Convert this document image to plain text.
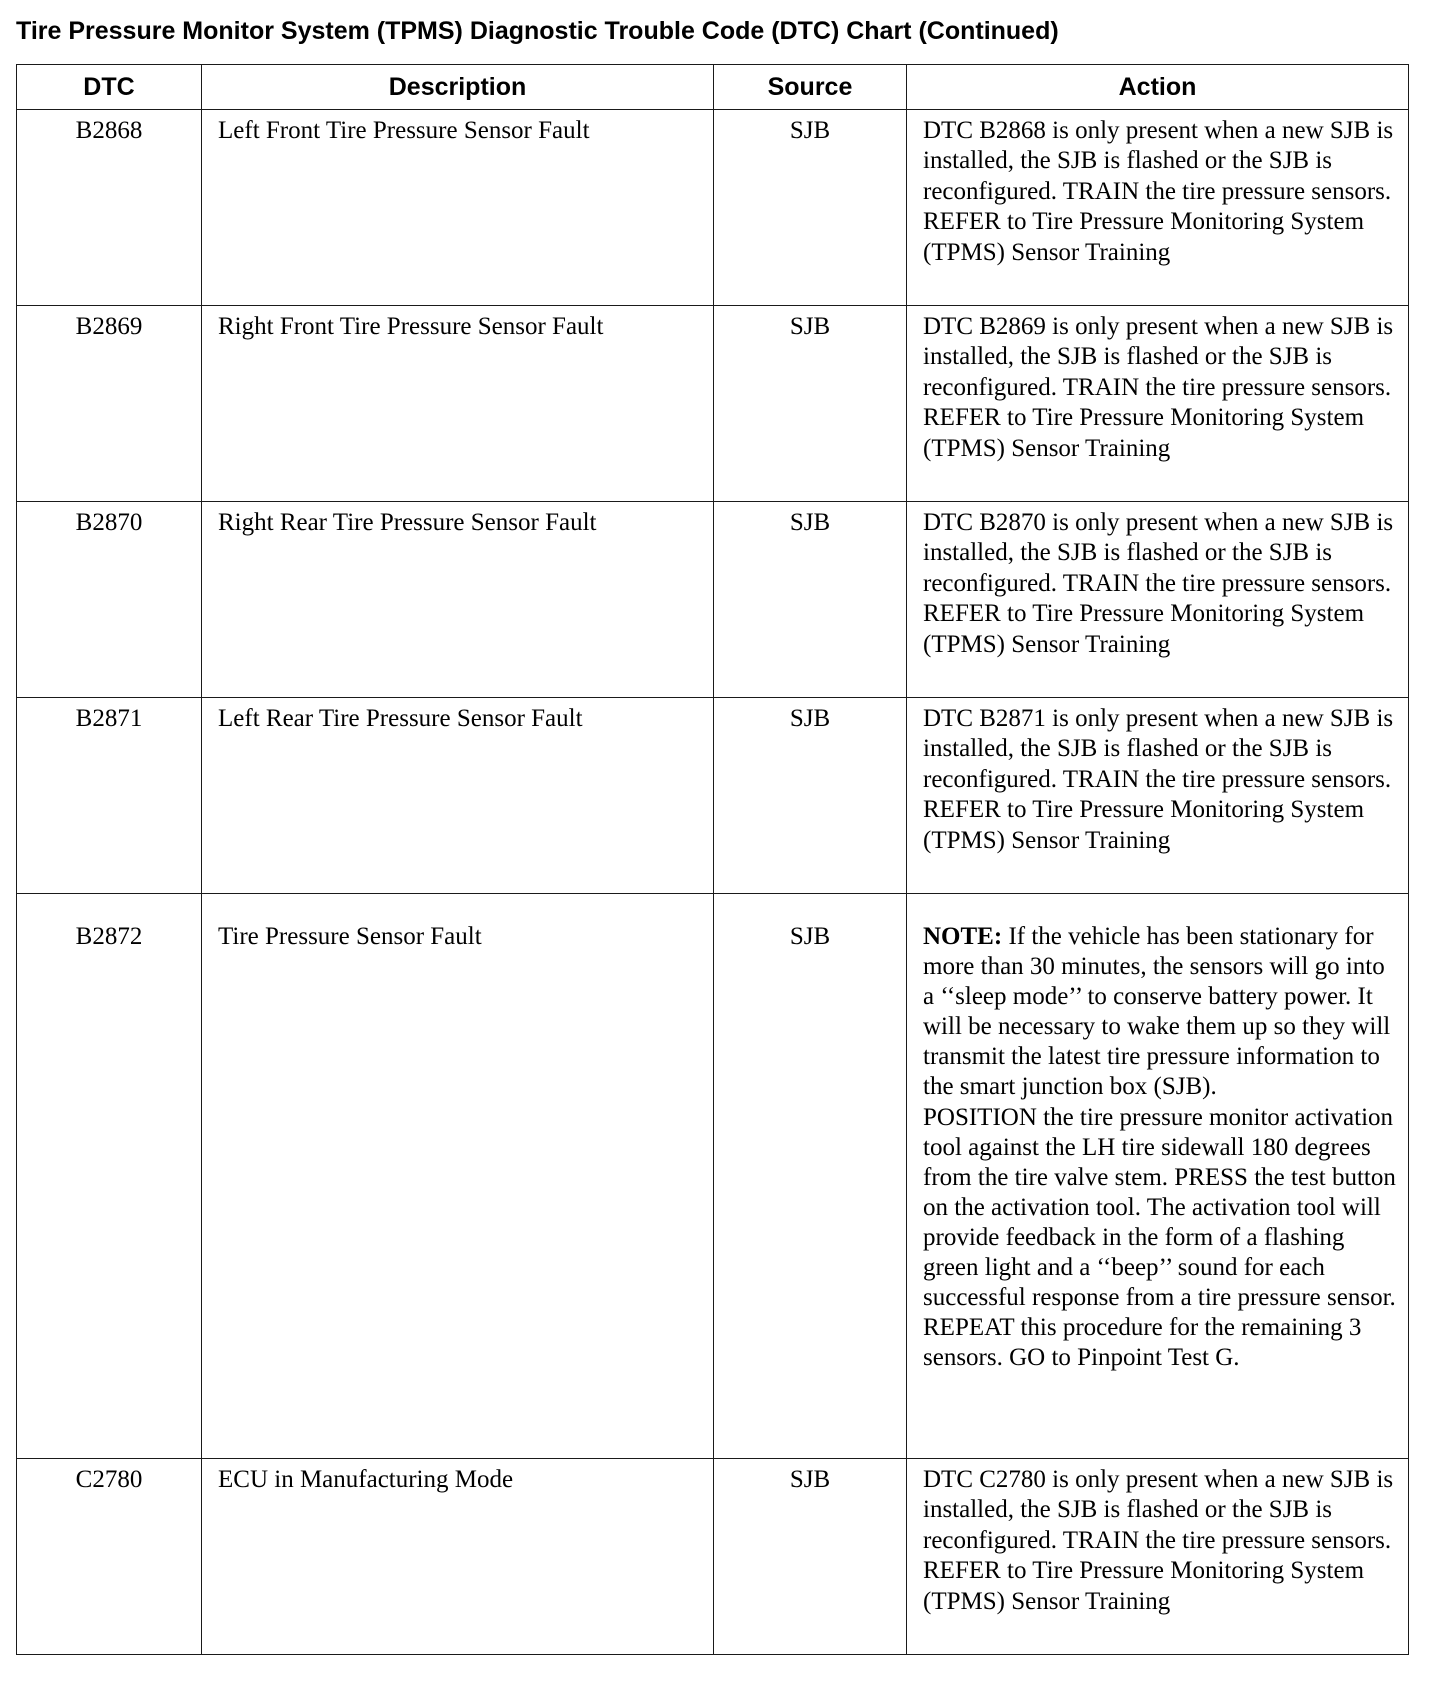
Tire Pressure Monitor System (TPMS) Diagnostic Trouble Code (DTC) Chart (Continued)
DTC	Description	Source	Action
B2868	Left Front Tire Pressure Sensor Fault	SJB	DTC B2868 is only present when a new SJB is installed, the SJB is flashed or the SJB is reconfigured. TRAIN the tire pressure sensors. REFER to Tire Pressure Monitoring System (TPMS) Sensor Training
B2869	Right Front Tire Pressure Sensor Fault	SJB	DTC B2869 is only present when a new SJB is installed, the SJB is flashed or the SJB is reconfigured. TRAIN the tire pressure sensors. REFER to Tire Pressure Monitoring System (TPMS) Sensor Training
B2870	Right Rear Tire Pressure Sensor Fault	SJB	DTC B2870 is only present when a new SJB is installed, the SJB is flashed or the SJB is reconfigured. TRAIN the tire pressure sensors. REFER to Tire Pressure Monitoring System (TPMS) Sensor Training
B2871	Left Rear Tire Pressure Sensor Fault	SJB	DTC B2871 is only present when a new SJB is installed, the SJB is flashed or the SJB is reconfigured. TRAIN the tire pressure sensors. REFER to Tire Pressure Monitoring System (TPMS) Sensor Training
B2872	Tire Pressure Sensor Fault	SJB	NOTE: If the vehicle has been stationary for more than 30 minutes, the sensors will go into a ‘‘sleep mode’’ to conserve battery power. It will be necessary to wake them up so they will transmit the latest tire pressure information to the smart junction box (SJB).
POSITION the tire pressure monitor activation tool against the LH tire sidewall 180 degrees from the tire valve stem. PRESS the test button on the activation tool. The activation tool will provide feedback in the form of a flashing green light and a ‘‘beep’’ sound for each successful response from a tire pressure sensor. REPEAT this procedure for the remaining 3 sensors. GO to Pinpoint Test G.

C2780	ECU in Manufacturing Mode	SJB	DTC C2780 is only present when a new SJB is installed, the SJB is flashed or the SJB is reconfigured. TRAIN the tire pressure sensors. REFER to Tire Pressure Monitoring System (TPMS) Sensor Training
